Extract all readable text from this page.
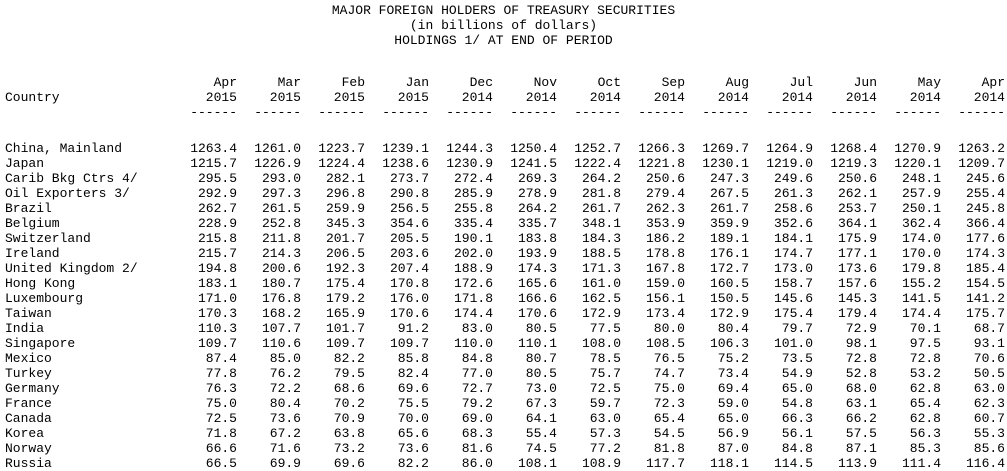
MAJOR FOREIGN HOLDERS OF TREASURY SECURITIES
(in billions of dollars)
HOLDINGS 1/ AT END OF PERIOD
	Apr	Mar	Feb	Jan	Dec	Nov	Oct	Sep	Aug	Jul	Jun	May	Apr
Country	2015	2015	2015	2015	2014	2014	2014	2014	2014	2014	2014	2014	2014
	------	------	------	------	------	------	------	------	------	------	------	------	------

China, Mainland	1263.4	1261.0	1223.7	1239.1	1244.3	1250.4	1252.7	1266.3	1269.7	1264.9	1268.4	1270.9	1263.2
Japan	1215.7	1226.9	1224.4	1238.6	1230.9	1241.5	1222.4	1221.8	1230.1	1219.0	1219.3	1220.1	1209.7
Carib Bkg Ctrs 4/	295.5	293.0	282.1	273.7	272.4	269.3	264.2	250.6	247.3	249.6	250.6	248.1	245.6
Oil Exporters 3/	292.9	297.3	296.8	290.8	285.9	278.9	281.8	279.4	267.5	261.3	262.1	257.9	255.4
Brazil	262.7	261.5	259.9	256.5	255.8	264.2	261.7	262.3	261.7	258.6	253.7	250.1	245.8
Belgium	228.9	252.8	345.3	354.6	335.4	335.7	348.1	353.9	359.9	352.6	364.1	362.4	366.4
Switzerland	215.8	211.8	201.7	205.5	190.1	183.8	184.3	186.2	189.1	184.1	175.9	174.0	177.6
Ireland	215.7	214.3	206.5	203.6	202.0	193.9	188.5	178.8	176.1	174.7	177.1	170.0	174.3
United Kingdom 2/	194.8	200.6	192.3	207.4	188.9	174.3	171.3	167.8	172.7	173.0	173.6	179.8	185.4
Hong Kong	183.1	180.7	175.4	170.8	172.6	165.6	161.0	159.0	160.5	158.7	157.6	155.2	154.5
Luxembourg	171.0	176.8	179.2	176.0	171.8	166.6	162.5	156.1	150.5	145.6	145.3	141.5	141.2
Taiwan	170.3	168.2	165.9	170.6	174.4	170.6	172.9	173.4	172.9	175.4	179.4	174.4	175.7
India	110.3	107.7	101.7	91.2	83.0	80.5	77.5	80.0	80.4	79.7	72.9	70.1	68.7
Singapore	109.7	110.6	109.7	109.7	110.0	110.1	108.0	108.5	106.3	101.0	98.1	97.5	93.1
Mexico	87.4	85.0	82.2	85.8	84.8	80.7	78.5	76.5	75.2	73.5	72.8	72.8	70.6
Turkey	77.8	76.2	79.5	82.4	77.0	80.5	75.7	74.7	73.4	54.9	52.8	53.2	50.5
Germany	76.3	72.2	68.6	69.6	72.7	73.0	72.5	75.0	69.4	65.0	68.0	62.8	63.0
France	75.0	80.4	70.2	75.5	79.2	67.3	59.7	72.3	59.0	54.8	63.1	65.4	62.3
Canada	72.5	73.6	70.9	70.0	69.0	64.1	63.0	65.4	65.0	66.3	66.2	62.8	60.7
Korea	71.8	67.2	63.8	65.6	68.3	55.4	57.3	54.5	56.9	56.1	57.5	56.3	55.3
Norway	66.6	71.6	73.2	73.6	81.6	74.5	77.2	81.8	87.0	84.8	87.1	85.3	85.6
Russia	66.5	69.9	69.6	82.2	86.0	108.1	108.9	117.7	118.1	114.5	113.9	111.4	116.4
